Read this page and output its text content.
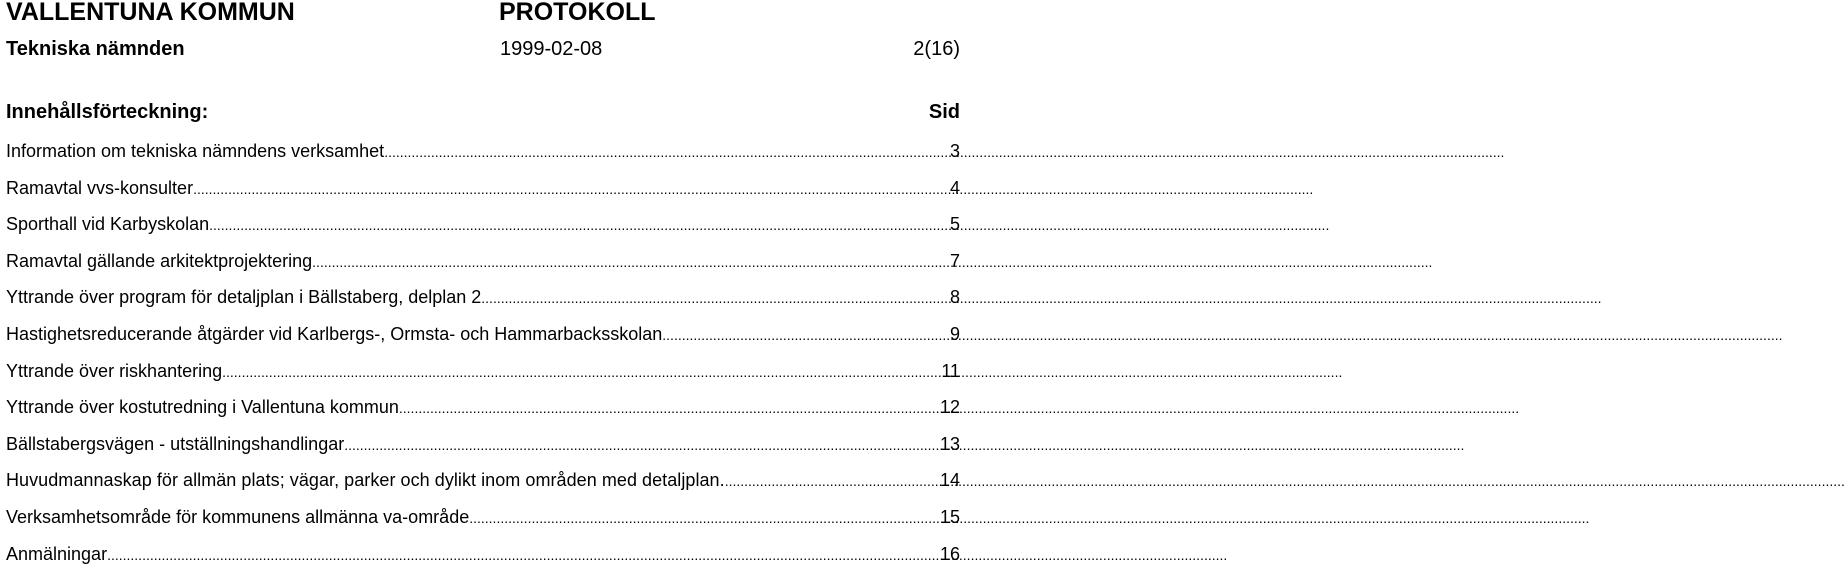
VALLENTUNA KOMMUN	PROTOKOLL
Tekniska nämnden	1999-02-08	2(16)
Innehållsförteckning:	Sid
Information om tekniska nämndens verksamhet .....	3
Ramavtal vvs-konsulter .....	4
Sporthall vid Karbyskolan .....	5
Ramavtal gällande arkitektprojektering .....	7
Yttrande över program för detaljplan i Bällstaberg, delplan 2 .....	8
Hastighetsreducerande åtgärder vid Karlbergs-, Ormsta- och Hammarbacksskolan .....	9
Yttrande över riskhantering .....	11
Yttrande över kostutredning i Vallentuna kommun .....	12
Bällstabergsvägen - utställningshandlingar .....	13
Huvudmannaskap för allmän plats; vägar, parker och dylikt inom områden med detaljplan. .....	14
Verksamhetsområde för kommunens allmänna va-område .....	15
Anmälningar .....	16
